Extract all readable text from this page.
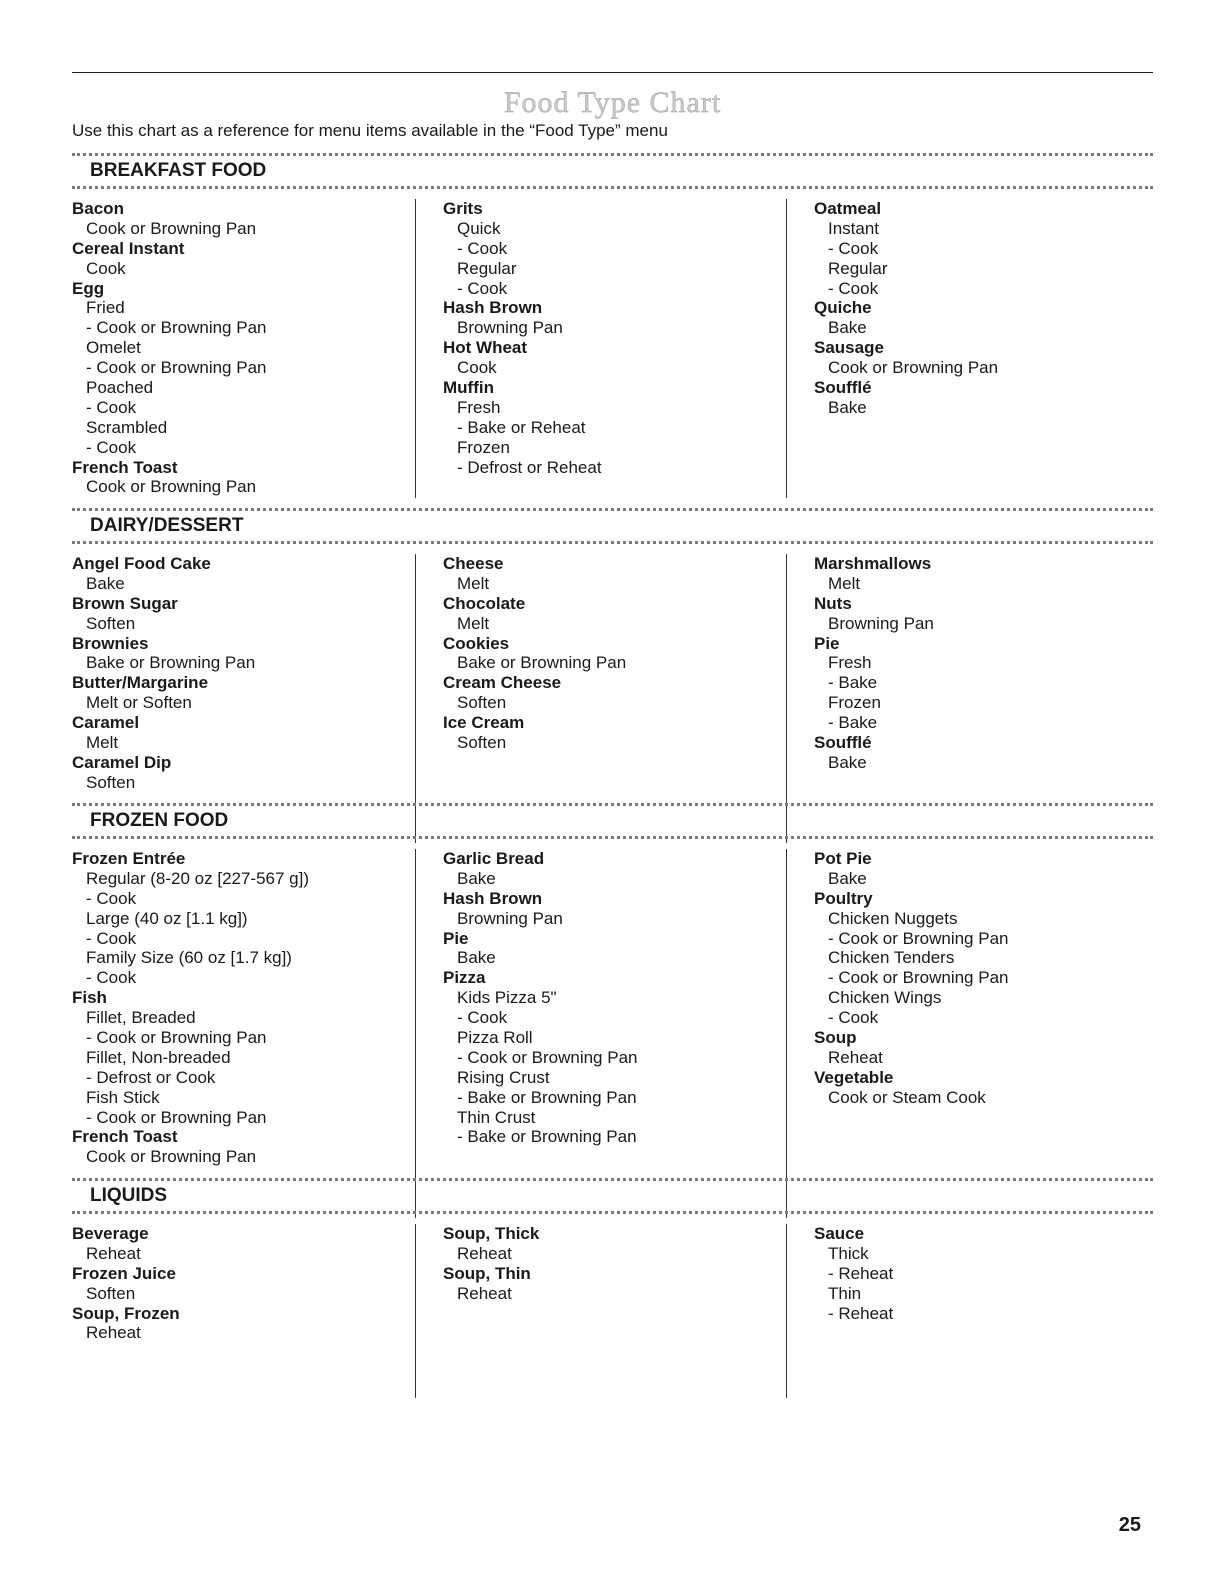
Food Type Chart
Use this chart as a reference for menu items available in the “Food Type” menu
BREAKFAST FOOD
Bacon
Cook or Browning Pan
Cereal Instant
Cook
Egg
Fried
- Cook or Browning Pan
Omelet
- Cook or Browning Pan
Poached
- Cook
Scrambled
- Cook
French Toast
Cook or Browning Pan
Grits
Quick
- Cook
Regular
- Cook
Hash Brown
Browning Pan
Hot Wheat
Cook
Muffin
Fresh
- Bake or Reheat
Frozen
- Defrost or Reheat
Oatmeal
Instant
- Cook
Regular
- Cook
Quiche
Bake
Sausage
Cook or Browning Pan
Soufflé
Bake
DAIRY/DESSERT
Angel Food Cake
Bake
Brown Sugar
Soften
Brownies
Bake or Browning Pan
Butter/Margarine
Melt or Soften
Caramel
Melt
Caramel Dip
Soften
Cheese
Melt
Chocolate
Melt
Cookies
Bake or Browning Pan
Cream Cheese
Soften
Ice Cream
Soften
Marshmallows
Melt
Nuts
Browning Pan
Pie
Fresh
- Bake
Frozen
- Bake
Soufflé
Bake
FROZEN FOOD
Frozen Entrée
Regular (8-20 oz [227-567 g])
- Cook
Large (40 oz [1.1 kg])
- Cook
Family Size (60 oz [1.7 kg])
- Cook
Fish
Fillet, Breaded
- Cook or Browning Pan
Fillet, Non-breaded
- Defrost or Cook
Fish Stick
- Cook or Browning Pan
French Toast
Cook or Browning Pan
Garlic Bread
Bake
Hash Brown
Browning Pan
Pie
Bake
Pizza
Kids Pizza 5"
- Cook
Pizza Roll
- Cook or Browning Pan
Rising Crust
- Bake or Browning Pan
Thin Crust
- Bake or Browning Pan
Pot Pie
Bake
Poultry
Chicken Nuggets
- Cook or Browning Pan
Chicken Tenders
- Cook or Browning Pan
Chicken Wings
- Cook
Soup
Reheat
Vegetable
Cook or Steam Cook
LIQUIDS
Beverage
Reheat
Frozen Juice
Soften
Soup, Frozen
Reheat
Soup, Thick
Reheat
Soup, Thin
Reheat
Sauce
Thick
- Reheat
Thin
- Reheat
25
